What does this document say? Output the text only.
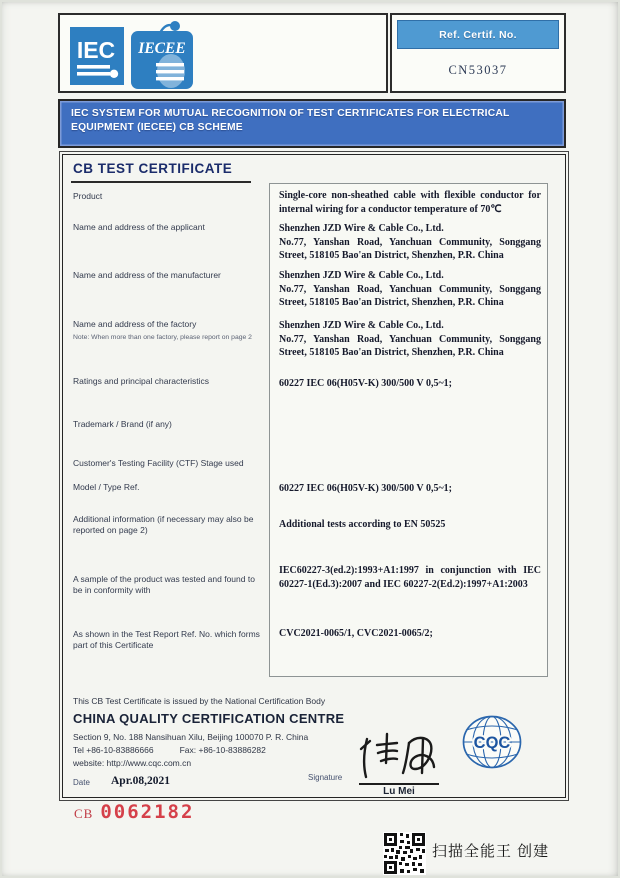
IEC IECEE
Ref. Certif. No.
CN53037
IEC SYSTEM FOR MUTUAL RECOGNITION OF TEST CERTIFICATES FOR ELECTRICAL EQUIPMENT (IECEE) CB SCHEME
CB TEST CERTIFICATE
Product
Name and address of the applicant
Name and address of the manufacturer
Name and address of the factory
Note: When more than one factory, please report on page 2
Ratings and principal characteristics
Trademark / Brand (if any)
Customer's Testing Facility (CTF) Stage used
Model / Type Ref.
Additional information (if necessary may also be reported on page 2)
A sample of the product was tested and found to be in conformity with
As shown in the Test Report Ref. No. which forms part of this Certificate
Single-core non-sheathed cable with flexible conductor for internal wiring for a conductor temperature of 70℃
Shenzhen JZD Wire & Cable Co., Ltd.
No.77, Yanshan Road, Yanchuan Community, Songgang Street, 518105 Bao'an District, Shenzhen, P.R. China
Shenzhen JZD Wire & Cable Co., Ltd.
No.77, Yanshan Road, Yanchuan Community, Songgang Street, 518105 Bao'an District, Shenzhen, P.R. China
Shenzhen JZD Wire & Cable Co., Ltd.
No.77, Yanshan Road, Yanchuan Community, Songgang Street, 518105 Bao'an District, Shenzhen, P.R. China
60227 IEC 06(H05V-K) 300/500 V 0,5~1;
60227 IEC 06(H05V-K) 300/500 V 0,5~1;
Additional tests according to EN 50525
IEC60227-3(ed.2):1993+A1:1997 in conjunction with IEC 60227-1(Ed.3):2007 and IEC 60227-2(Ed.2):1997+A1:2003
CVC2021-0065/1, CVC2021-0065/2;
This CB Test Certificate is issued by the National Certification Body
CHINA QUALITY CERTIFICATION CENTRE
Section 9, No. 188 Nansihuan Xilu, Beijing 100070 P. R. China
Tel +86-10-83886666	Fax: +86-10-83886282
website: http://www.cqc.com.cn
Date Apr.08,2021	Signature
Lu Mei
CQC
CB 0062182
扫描全能王 创建
